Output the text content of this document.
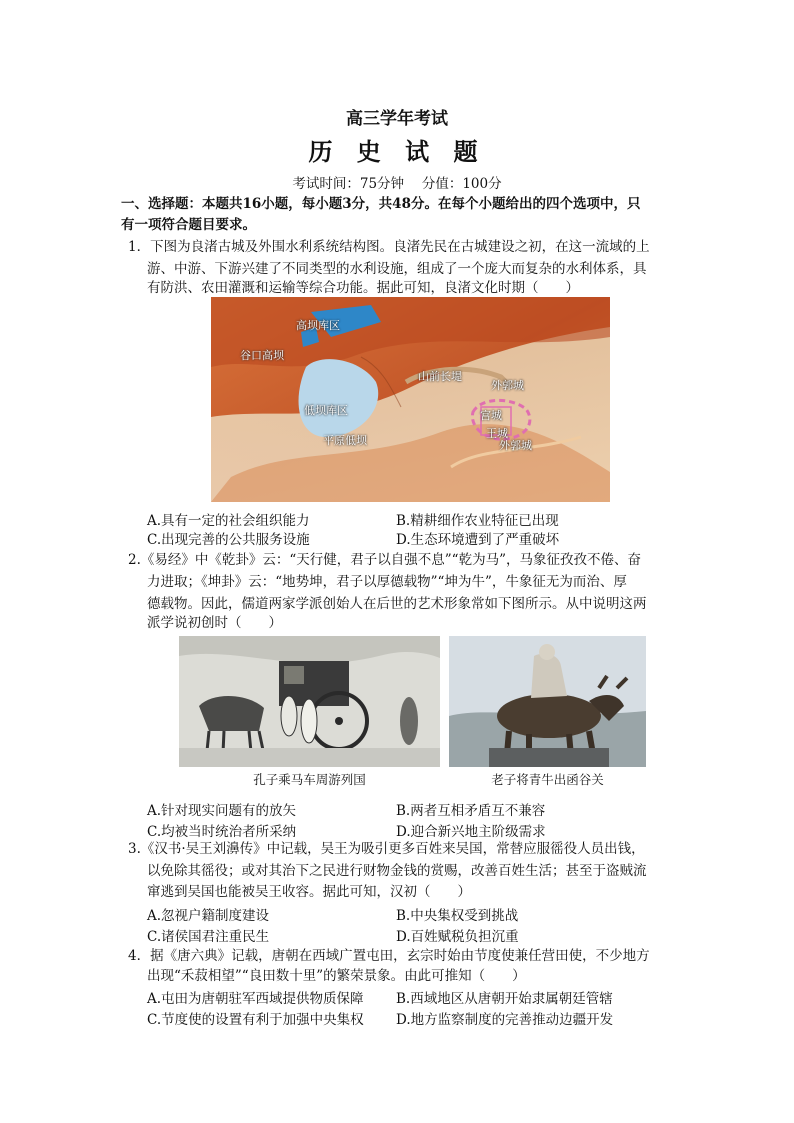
高三学年考试
历 史 试 题
考试时间：75分钟　 分值：100分
一、选择题：本题共16小题，每小题3分，共48分。在每个小题给出的四个选项中，只
有一项符合题目要求。
1．下图为良渚古城及外围水利系统结构图。良渚先民在古城建设之初，在这一流域的上
游、中游、下游兴建了不同类型的水利设施，组成了一个庞大而复杂的水利体系，具
有防洪、农田灌溉和运输等综合功能。据此可知，良渚文化时期（　　）
高坝库区
谷口高坝
山前长堤
外郭城
低坝库区	宫城
王城
平原低坝	外郭城
A.具有一定的社会组织能力	B.精耕细作农业特征已出现
C.出现完善的公共服务设施	D.生态环境遭到了严重破坏
2.《易经》中《乾卦》云：“天行健，君子以自强不息”“乾为马”，马象征孜孜不倦、奋
力进取；《坤卦》云：“地势坤，君子以厚德载物”“坤为牛”，牛象征无为而治、厚
德载物。因此，儒道两家学派创始人在后世的艺术形象常如下图所示。从中说明这两
派学说初创时（　　）
孔子乘马车周游列国	老子将青牛出函谷关
A.针对现实问题有的放矢	B.两者互相矛盾互不兼容
C.均被当时统治者所采纳	D.迎合新兴地主阶级需求
3.《汉书·吴王刘濞传》中记载，吴王为吸引更多百姓来吴国，常替应服徭役人员出钱，
以免除其徭役；或对其治下之民进行财物金钱的赏赐，改善百姓生活；甚至于盗贼流
窜逃到吴国也能被吴王收容。据此可知，汉初（　　）
A.忽视户籍制度建设	B.中央集权受到挑战
C.诸侯国君注重民生	D.百姓赋税负担沉重
4．据《唐六典》记载，唐朝在西域广置屯田，玄宗时始由节度使兼任营田使，不少地方
出现“禾菽相望”“良田数十里”的繁荣景象。由此可推知（　　）
A.屯田为唐朝驻军西域提供物质保障 B.西域地区从唐朝开始隶属朝廷管辖
C.节度使的设置有利于加强中央集权 D.地方监察制度的完善推动边疆开发
